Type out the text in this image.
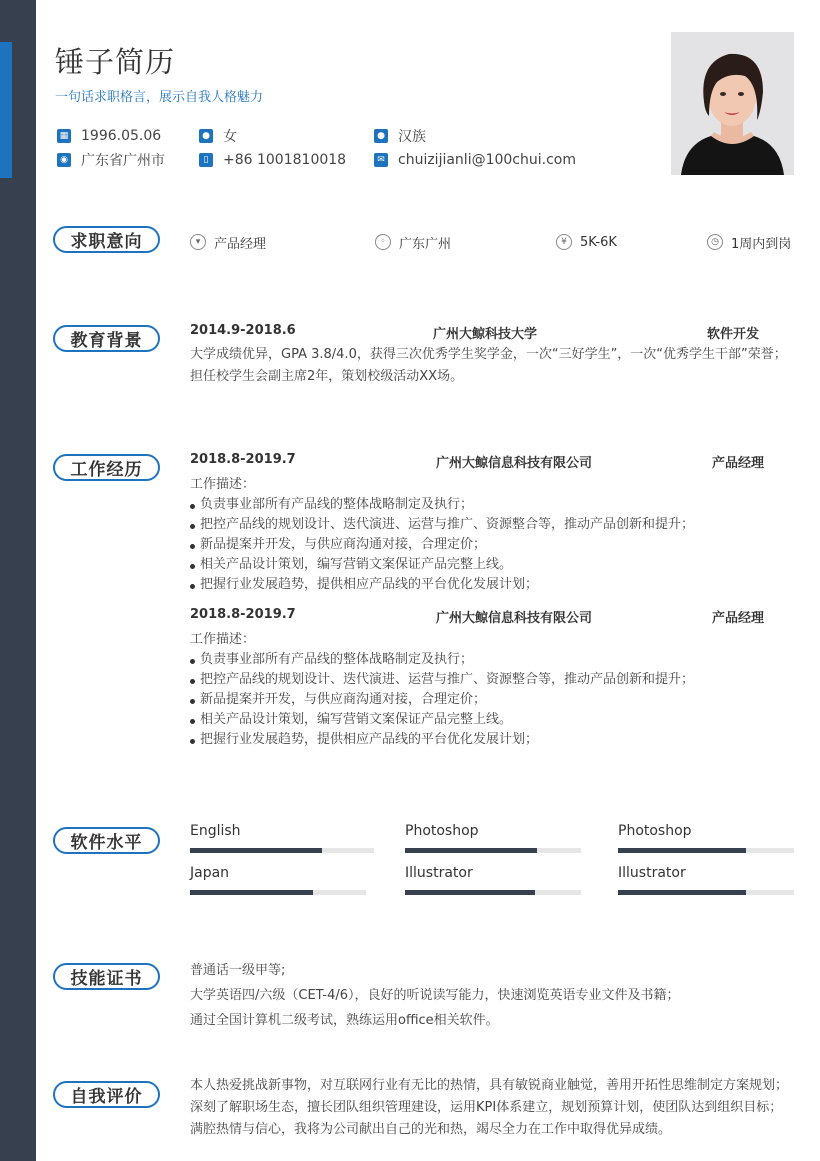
锤子简历
一句话求职格言，展示自我人格魅力
▦ 1996.05.06	● 女	● 汉族
◉ 广东省广州市	▯	+86 1001810018	✉ chuizijianli@100chui.com
求职意向	▾	产品经理	◦	广东广州	¥	5K-6K	◷ 1周内到岗
教育背景
2014.9-2018.6	广州大鲸科技大学	软件开发
大学成绩优异，GPA 3.8/4.0，获得三次优秀学生奖学金，一次“三好学生”，一次“优秀学生干部”荣誉；担任校学生会副主席2年，策划校级活动XX场。
工作经历
2018.8-2019.7	广州大鲸信息科技有限公司	产品经理
工作描述：
负责事业部所有产品线的整体战略制定及执行；
把控产品线的规划设计、迭代演进、运营与推广、资源整合等，推动产品创新和提升；
新品提案并开发，与供应商沟通对接，合理定价；
相关产品设计策划，编写营销文案保证产品完整上线。
把握行业发展趋势，提供相应产品线的平台优化发展计划；
2018.8-2019.7	广州大鲸信息科技有限公司	产品经理
工作描述：
负责事业部所有产品线的整体战略制定及执行；
把控产品线的规划设计、迭代演进、运营与推广、资源整合等，推动产品创新和提升；
新品提案并开发，与供应商沟通对接，合理定价；
相关产品设计策划，编写营销文案保证产品完整上线。
把握行业发展趋势，提供相应产品线的平台优化发展计划；
软件水平
English	Photoshop	Photoshop
Japan	Illustrator	Illustrator
技能证书	普通话一级甲等;
大学英语四/六级（CET-4/6），良好的听说读写能力，快速浏览英语专业文件及书籍；
通过全国计算机二级考试，熟练运用office相关软件。
自我评价
本人热爱挑战新事物，对互联网行业有无比的热情，具有敏锐商业触觉，善用开拓性思维制定方案规划；深刻了解职场生态，擅长团队组织管理建设，运用KPI体系建立，规划预算计划，使团队达到组织目标；满腔热情与信心，我将为公司献出自己的光和热，竭尽全力在工作中取得优异成绩。
